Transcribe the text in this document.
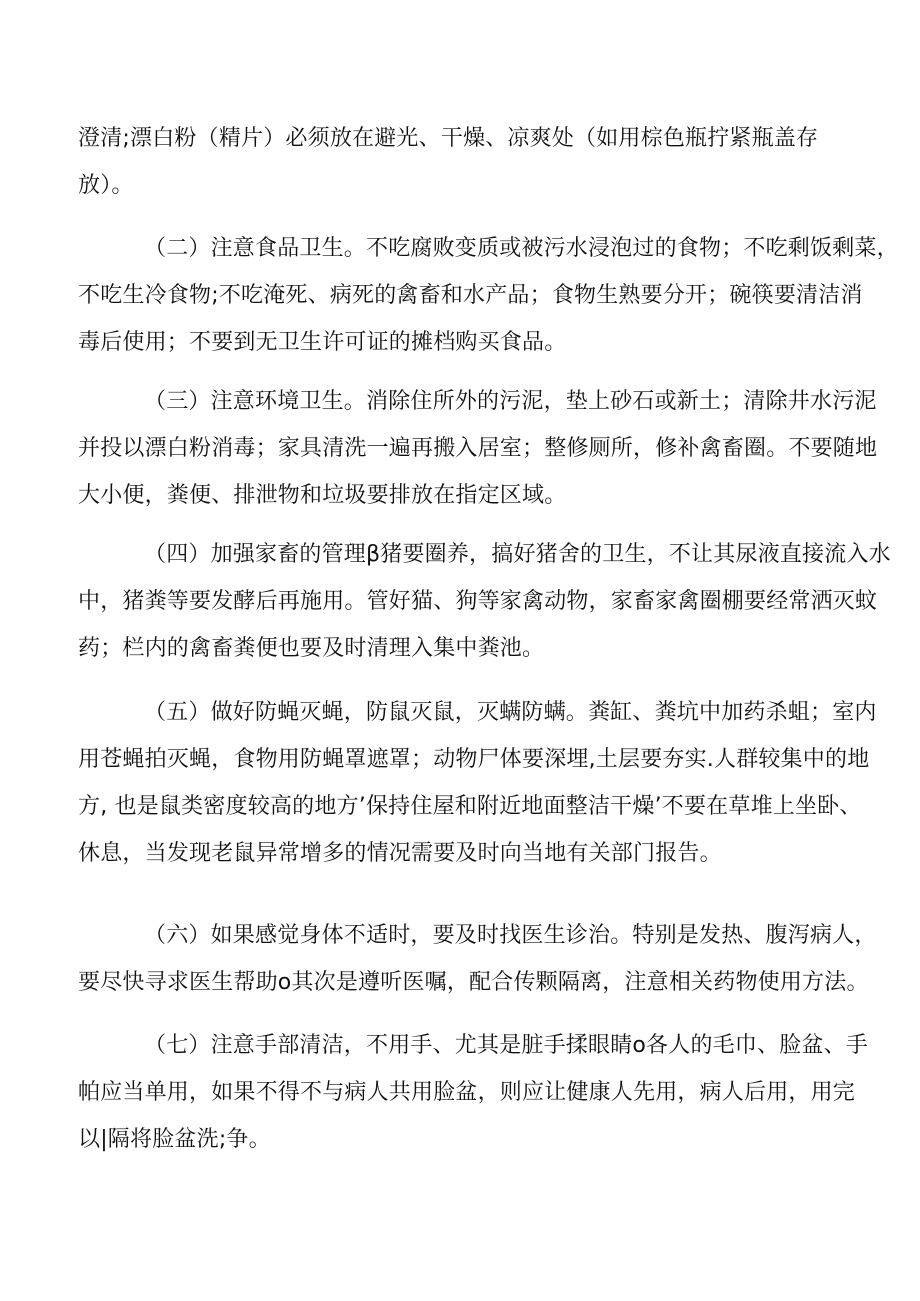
澄清;漂白粉（精片）必须放在避光、干燥、凉爽处（如用棕色瓶拧紧瓶盖存
放）。
（二）注意食品卫生。不吃腐败变质或被污水浸泡过的食物；不吃剩饭剩菜，
不吃生冷食物;不吃淹死、病死的禽畜和水产品；食物生熟要分开；碗筷要清洁消
毒后使用；不要到无卫生许可证的摊档购买食品。
（三）注意环境卫生。消除住所外的污泥，垫上砂石或新土；清除井水污泥
并投以漂白粉消毒；家具清洗一遍再搬入居室；整修厕所，修补禽畜圈。不要随地
大小便，粪便、排泄物和垃圾要排放在指定区域。
（四）加强家畜的管理β猪要圈养，搞好猪舍的卫生，不让其尿液直接流入水
中，猪粪等要发酵后再施用。管好猫、狗等家禽动物，家畜家禽圈棚要经常洒灭蚊
药；栏内的禽畜粪便也要及时清理入集中粪池。
（五）做好防蝇灭蝇，防鼠灭鼠，灭螨防螨。粪缸、粪坑中加药杀蛆；室内
用苍蝇拍灭蝇，食物用防蝇罩遮罩；动物尸体要深埋,土层要夯实.人群较集中的地
方, 也是鼠类密度较高的地方’保持住屋和附近地面整洁干燥’不要在草堆上坐卧、
休息，当发现老鼠异常增多的情况需要及时向当地有关部门报告。
（六）如果感觉身体不适时，要及时找医生诊治。特别是发热、腹泻病人，
要尽快寻求医生帮助o其次是遵听医嘱，配合传颗隔离，注意相关药物使用方法。
（七）注意手部清洁，不用手、尤其是脏手揉眼睛o各人的毛巾、脸盆、手
帕应当单用，如果不得不与病人共用脸盆，则应让健康人先用，病人后用，用完
以|隔将脸盆洗;争。
